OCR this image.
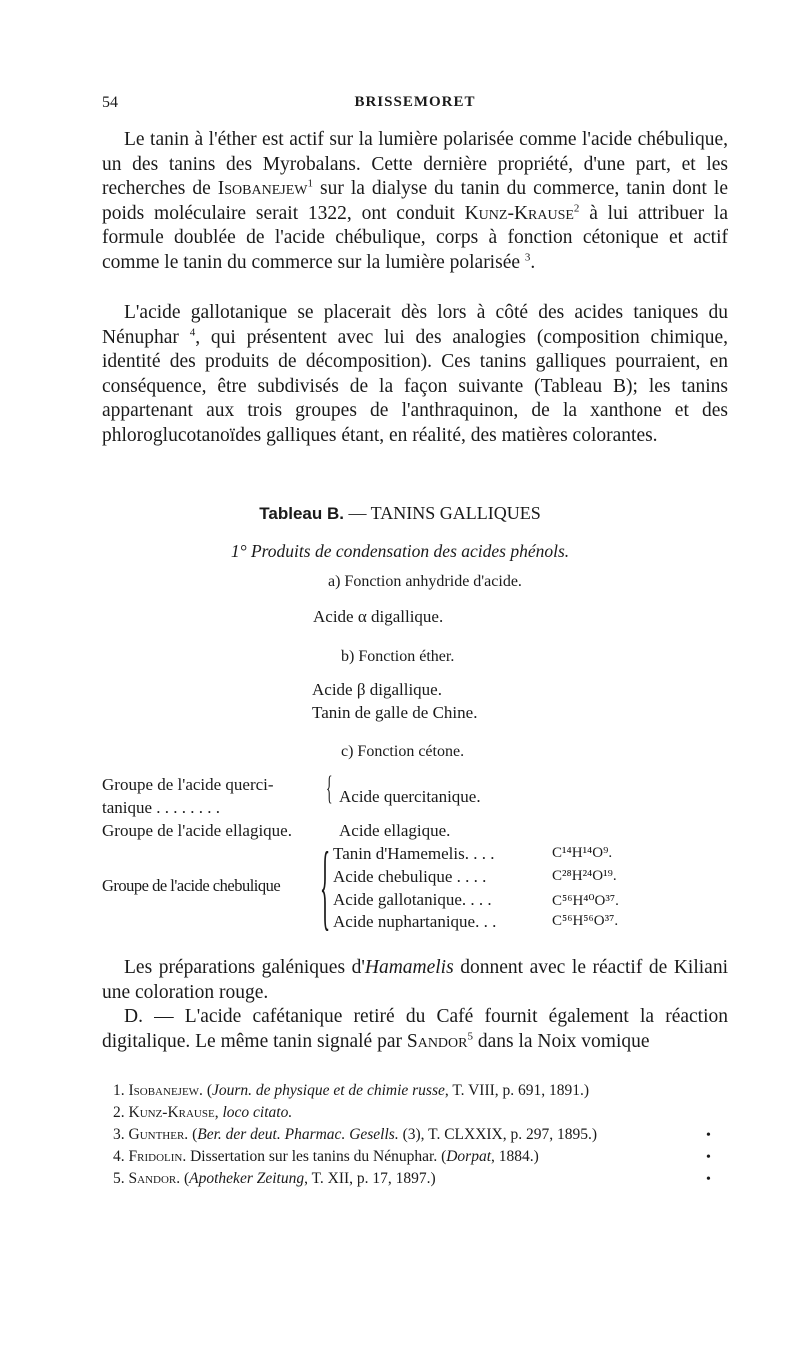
54	BRISSEMORET

Le tanin à l'éther est actif sur la lumière polarisée comme l'acide chébulique, un des tanins des Myrobalans. Cette dernière propriété, d'une part, et les recherches de Isobanejew$^1$ sur la dialyse du tanin du commerce, tanin dont le poids moléculaire serait 1322, ont conduit Kunz-Krause$^2$ à lui attribuer la formule doublée de l'acide chébulique, corps à fonction cétonique et actif comme le tanin du commerce sur la lumière polarisée $^3$.

L'acide gallotanique se placerait dès lors à côté des acides taniques du Nénuphar $^4$, qui présentent avec lui des analogies (composition chimique, identité des produits de décomposition). Ces tanins galliques pourraient, en conséquence, être subdivisés de la façon suivante (Tableau B); les tanins appartenant aux trois groupes de l'anthraquinon, de la xanthone et des phloroglucotanoïdes galliques étant, en réalité, des matières colorantes.

Tableau B. — TANINS GALLIQUES
1° Produits de condensation des acides phénols.
a) Fonction anhydride d'acide.
Acide α digallique.
b) Fonction éther.
Acide β digallique.
Tanin de galle de Chine.
c) Fonction cétone.
Groupe de l'acide querci-
tanique . . . . . . . .
{ Acide quercitanique.
Groupe de l'acide ellagique.	Acide ellagique.
Groupe de l'acide chebulique { Tanin d'Hamemelis. . . .	C¹⁴H¹⁴O⁹.
Acide chebulique . . . .	C²⁸H²⁴O¹⁹.
Acide gallotanique. . . .	C⁵⁶H⁴⁰O³⁷.
Acide nuphartanique. . .	C⁵⁶H⁵⁶O³⁷.

Les préparations galéniques d'Hamamelis donnent avec le réactif de Kiliani une coloration rouge.

D. — L'acide cafétanique retiré du Café fournit également la réaction digitalique. Le même tanin signalé par Sandor$^5$ dans la Noix vomique

1. Isobanejew. (Journ. de physique et de chimie russe, T. VIII, p. 691, 1891.)
2. Kunz-Krause, loco citato.
3. Gunther. (Ber. der deut. Pharmac. Gesells. (3), T. CLXXIX, p. 297, 1895.)
4. Fridolin. Dissertation sur les tanins du Nénuphar. (Dorpat, 1884.)
5. Sandor. (Apotheker Zeitung, T. XII, p. 17, 1897.)
•
•
•
